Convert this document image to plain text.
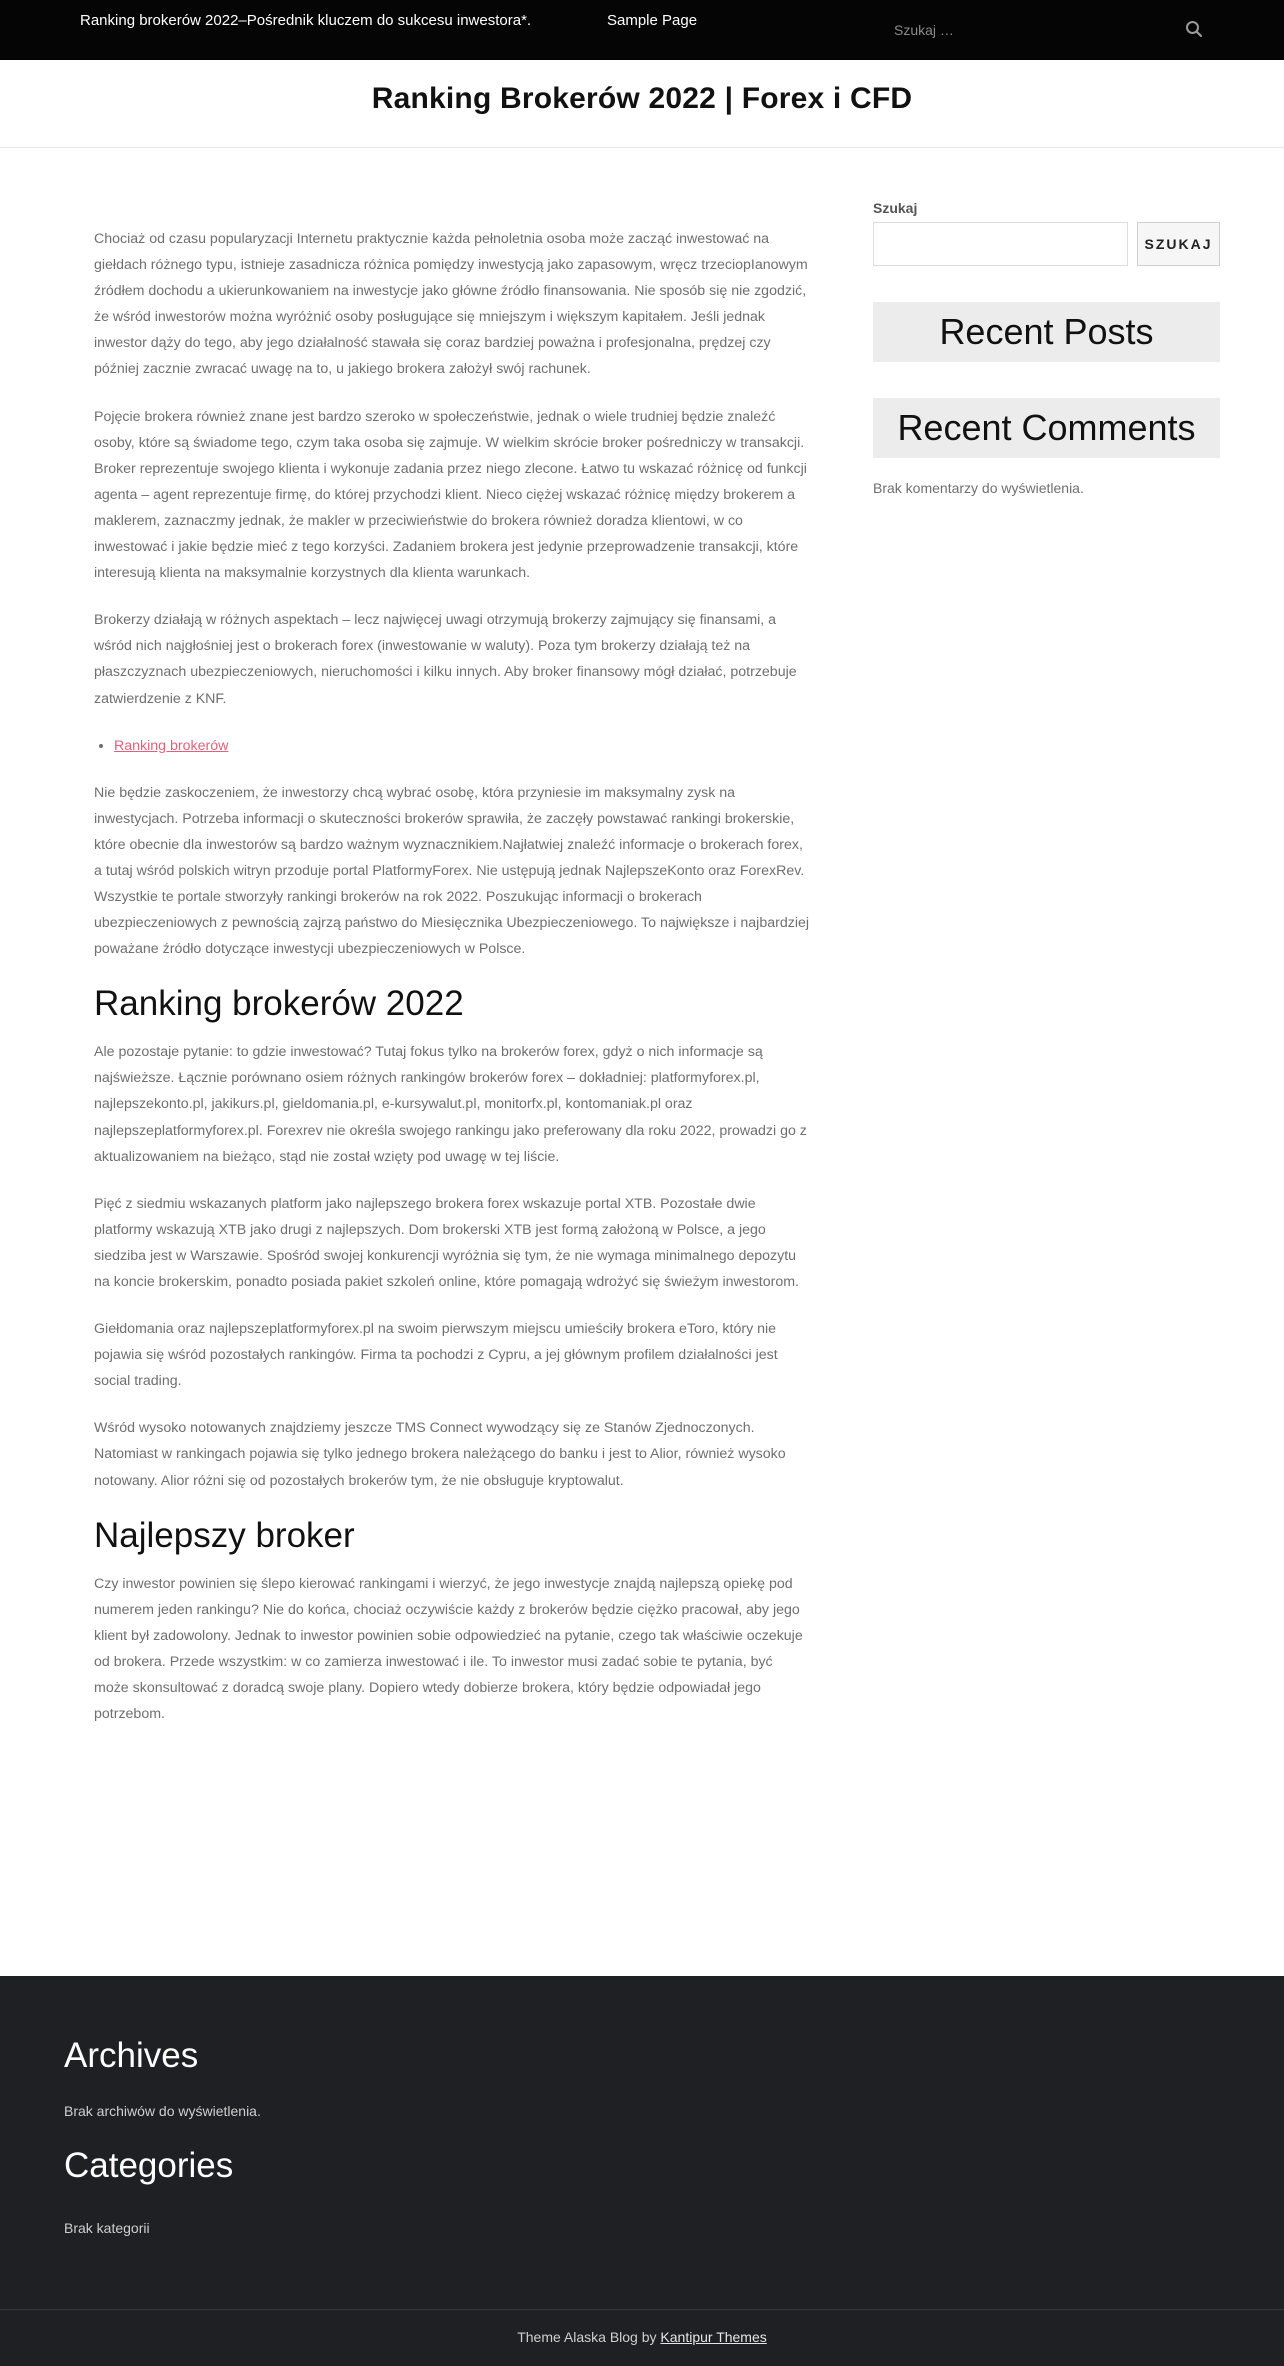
Ranking brokerów 2022–Pośrednik kluczem do sukcesu inwestora*.	Sample Page
Szukaj …
Ranking Brokerów 2022 | Forex i CFD

Chociaż od czasu popularyzacji Internetu praktycznie każda pełnoletnia osoba może zacząć inwestować na giełdach różnego typu, istnieje zasadnicza różnica pomiędzy inwestycją jako zapasowym, wręcz trzeciopIanowym źródłem dochodu a ukierunkowaniem na inwestycje jako główne źródło finansowania. Nie sposób się nie zgodzić, że wśród inwestorów można wyróżnić osoby posługujące się mniejszym i większym kapitałem. Jeśli jednak inwestor dąży do tego, aby jego działalność stawała się coraz bardziej poważna i profesjonalna, prędzej czy później zacznie zwracać uwagę na to, u jakiego brokera założył swój rachunek.

Pojęcie brokera również znane jest bardzo szeroko w społeczeństwie, jednak o wiele trudniej będzie znaleźć osoby, które są świadome tego, czym taka osoba się zajmuje. W wielkim skrócie broker pośredniczy w transakcji. Broker reprezentuje swojego klienta i wykonuje zadania przez niego zlecone. Łatwo tu wskazać różnicę od funkcji agenta – agent reprezentuje firmę, do której przychodzi klient. Nieco ciężej wskazać różnicę między brokerem a maklerem, zaznaczmy jednak, że makler w przeciwieństwie do brokera również doradza klientowi, w co inwestować i jakie będzie mieć z tego korzyści. Zadaniem brokera jest jedynie przeprowadzenie transakcji, które interesują klienta na maksymalnie korzystnych dla klienta warunkach.

Brokerzy działają w różnych aspektach – lecz najwięcej uwagi otrzymują brokerzy zajmujący się finansami, a wśród nich najgłośniej jest o brokerach forex (inwestowanie w waluty). Poza tym brokerzy działają też na płaszczyznach ubezpieczeniowych, nieruchomości i kilku innych. Aby broker finansowy mógł działać, potrzebuje zatwierdzenie z KNF.

• Ranking brokerów

Nie będzie zaskoczeniem, że inwestorzy chcą wybrać osobę, która przyniesie im maksymalny zysk na inwestycjach. Potrzeba informacji o skuteczności brokerów sprawiła, że zaczęły powstawać rankingi brokerskie, które obecnie dla inwestorów są bardzo ważnym wyznacznikiem.Najłatwiej znaleźć informacje o brokerach forex, a tutaj wśród polskich witryn przoduje portal PlatformyForex. Nie ustępują jednak NajlepszeKonto oraz ForexRev. Wszystkie te portale stworzyły rankingi brokerów na rok 2022. Poszukując informacji o brokerach ubezpieczeniowych z pewnością zajrzą państwo do Miesięcznika Ubezpieczeniowego. To największe i najbardziej poważane źródło dotyczące inwestycji ubezpieczeniowych w Polsce.

Ranking brokerów 2022

Ale pozostaje pytanie: to gdzie inwestować? Tutaj fokus tylko na brokerów forex, gdyż o nich informacje są najświeższe. Łącznie porównano osiem różnych rankingów brokerów forex – dokładniej: platformyforex.pl, najlepszekonto.pl, jakikurs.pl, gieldomania.pl, e-kursywalut.pl, monitorfx.pl, kontomaniak.pl oraz najlepszeplatformyforex.pl. Forexrev nie określa swojego rankingu jako preferowany dla roku 2022, prowadzi go z aktualizowaniem na bieżąco, stąd nie został wzięty pod uwagę w tej liście.

Pięć z siedmiu wskazanych platform jako najlepszego brokera forex wskazuje portal XTB. Pozostałe dwie platformy wskazują XTB jako drugi z najlepszych. Dom brokerski XTB jest formą założoną w Polsce, a jego siedziba jest w Warszawie. Spośród swojej konkurencji wyróżnia się tym, że nie wymaga minimalnego depozytu na koncie brokerskim, ponadto posiada pakiet szkoleń online, które pomagają wdrożyć się świeżym inwestorom.

Giełdomania oraz najlepszeplatformyforex.pl na swoim pierwszym miejscu umieściły brokera eToro, który nie pojawia się wśród pozostałych rankingów. Firma ta pochodzi z Cypru, a jej głównym profilem działalności jest social trading.

Wśród wysoko notowanych znajdziemy jeszcze TMS Connect wywodzący się ze Stanów Zjednoczonych. Natomiast w rankingach pojawia się tylko jednego brokera należącego do banku i jest to Alior, również wysoko notowany. Alior różni się od pozostałych brokerów tym, że nie obsługuje kryptowalut.

Najlepszy broker

Czy inwestor powinien się ślepo kierować rankingami i wierzyć, że jego inwestycje znajdą najlepszą opiekę pod numerem jeden rankingu? Nie do końca, chociaż oczywiście każdy z brokerów będzie ciężko pracował, aby jego klient był zadowolony. Jednak to inwestor powinien sobie odpowiedzieć na pytanie, czego tak właściwie oczekuje od brokera. Przede wszystkim: w co zamierza inwestować i ile. To inwestor musi zadać sobie te pytania, być może skonsultować z doradcą swoje plany. Dopiero wtedy dobierze brokera, który będzie odpowiadał jego potrzebom.

Szukaj
SZUKAJ
Recent Posts
Recent Comments
Brak komentarzy do wyświetlenia.
Archives
Brak archiwów do wyświetlenia.
Categories
Brak kategorii
Theme Alaska Blog by Kantipur Themes
